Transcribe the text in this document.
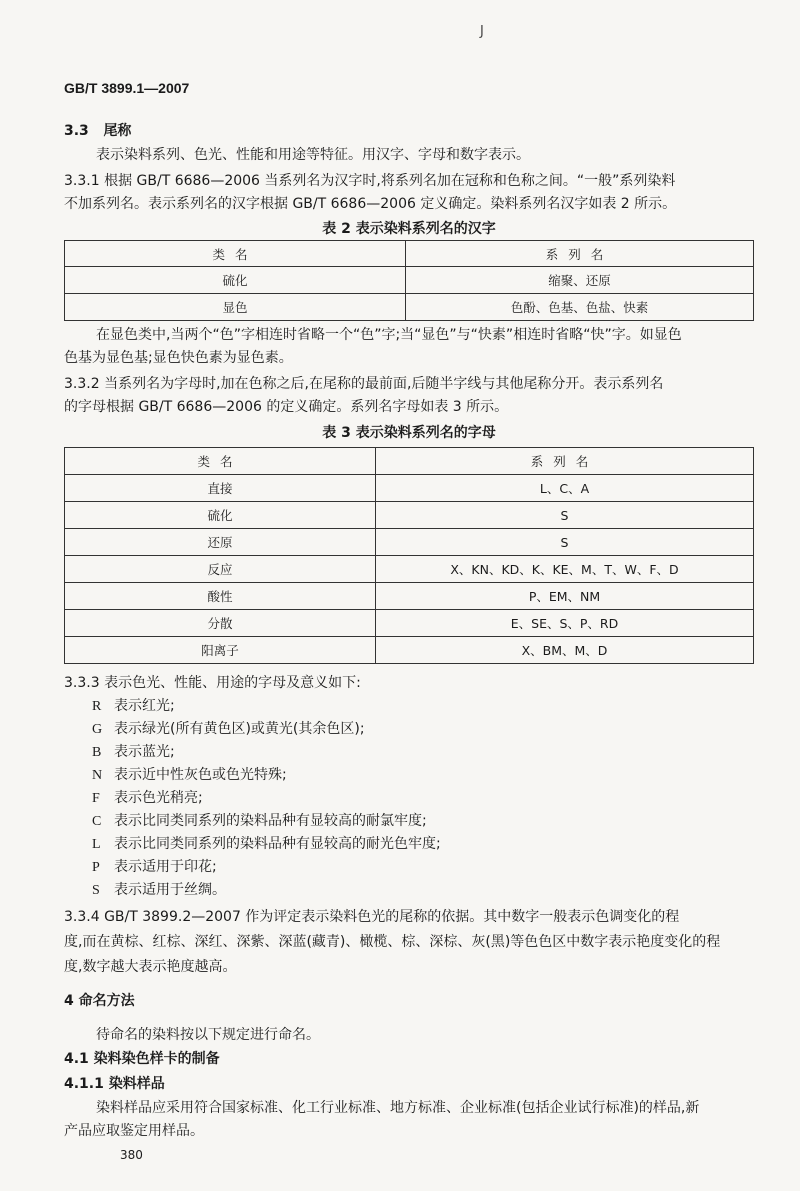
J
GB/T 3899.1—2007
3.3 尾称
表示染料系列、色光、性能和用途等特征。用汉字、字母和数字表示。
3.3.1 根据 GB/T 6686—2006 当系列名为汉字时,将系列名加在冠称和色称之间。“一般”系列染料
不加系列名。表示系列名的汉字根据 GB/T 6686—2006 定义确定。染料系列名汉字如表 2 所示。
表 2 表示染料系列名的汉字
类名	系列名
硫化	缩聚、还原
显色	色酚、色基、色盐、快素
在显色类中,当两个“色”字相连时省略一个“色”字;当“显色”与“快素”相连时省略“快”字。如显色
色基为显色基;显色快色素为显色素。
3.3.2 当系列名为字母时,加在色称之后,在尾称的最前面,后随半字线与其他尾称分开。表示系列名
的字母根据 GB/T 6686—2006 的定义确定。系列名字母如表 3 所示。
表 3 表示染料系列名的字母
类名	系列名
直接	L、C、A
硫化	S
还原	S
反应	X、KN、KD、K、KE、M、T、W、F、D
酸性	P、EM、NM
分散	E、SE、S、P、RD
阳离子	X、BM、M、D
3.3.3 表示色光、性能、用途的字母及意义如下:
R 表示红光;
G 表示绿光(所有黄色区)或黄光(其余色区);
B 表示蓝光;
N 表示近中性灰色或色光特殊;
F 表示色光稍亮;
C 表示比同类同系列的染料品种有显较高的耐氯牢度;
L 表示比同类同系列的染料品种有显较高的耐光色牢度;
P 表示适用于印花;
S 表示适用于丝绸。
3.3.4 GB/T 3899.2—2007 作为评定表示染料色光的尾称的依据。其中数字一般表示色调变化的程
度,而在黄棕、红棕、深红、深紫、深蓝(藏青)、橄榄、棕、深棕、灰(黑)等色色区中数字表示艳度变化的程
度,数字越大表示艳度越高。
4 命名方法
待命名的染料按以下规定进行命名。
4.1 染料染色样卡的制备
4.1.1 染料样品
染料样品应采用符合国家标准、化工行业标准、地方标准、企业标准(包括企业试行标准)的样品,新
产品应取鉴定用样品。
380
